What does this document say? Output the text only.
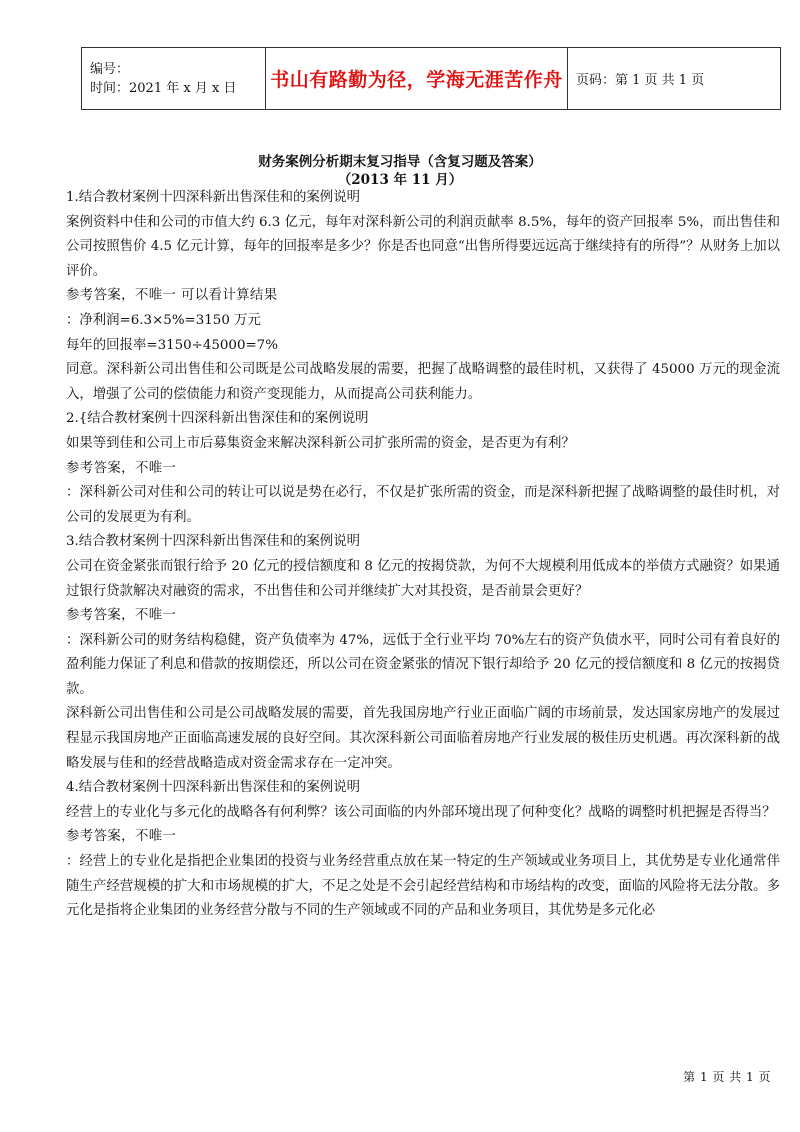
编号：
时间：2021 年 x 月 x 日	书山有路勤为径，学海无涯苦作舟	页码：第 1 页 共 1 页
财务案例分析期末复习指导（含复习题及答案）
（2013 年 11 月）

1.结合教材案例十四深科新出售深佳和的案例说明

案例资料中佳和公司的市值大约 6.3 亿元，每年对深科新公司的利润贡献率 8.5%，每年的资产回报率 5%，而出售佳和公司按照售价 4.5 亿元计算，每年的回报率是多少？你是否也同意“出售所得要远远高于继续持有的所得”？从财务上加以评价。

参考答案，不唯一 可以看计算结果

：净利润=6.3×5%=3150 万元

每年的回报率=3150÷45000=7%

同意。深科新公司出售佳和公司既是公司战略发展的需要，把握了战略调整的最佳时机，又获得了 45000 万元的现金流入，增强了公司的偿债能力和资产变现能力，从而提高公司获利能力。

2.{结合教材案例十四深科新出售深佳和的案例说明

如果等到佳和公司上市后募集资金来解决深科新公司扩张所需的资金，是否更为有利？

参考答案，不唯一

：深科新公司对佳和公司的转让可以说是势在必行，不仅是扩张所需的资金，而是深科新把握了战略调整的最佳时机，对公司的发展更为有利。

3.结合教材案例十四深科新出售深佳和的案例说明

公司在资金紧张而银行给予 20 亿元的授信额度和 8 亿元的按揭贷款，为何不大规模利用低成本的举债方式融资？如果通过银行贷款解决对融资的需求，不出售佳和公司并继续扩大对其投资，是否前景会更好？

参考答案，不唯一

：深科新公司的财务结构稳健，资产负债率为 47%，远低于全行业平均 70%左右的资产负债水平，同时公司有着良好的盈利能力保证了利息和借款的按期偿还，所以公司在资金紧张的情况下银行却给予 20 亿元的授信额度和 8 亿元的按揭贷款。

深科新公司出售佳和公司是公司战略发展的需要，首先我国房地产行业正面临广阔的市场前景，发达国家房地产的发展过程显示我国房地产正面临高速发展的良好空间。其次深科新公司面临着房地产行业发展的极佳历史机遇。再次深科新的战略发展与佳和的经营战略造成对资金需求存在一定冲突。

4.结合教材案例十四深科新出售深佳和的案例说明

经营上的专业化与多元化的战略各有何利弊？该公司面临的内外部环境出现了何种变化？战略的调整时机把握是否得当？

参考答案，不唯一

：经营上的专业化是指把企业集团的投资与业务经营重点放在某一特定的生产领域或业务项目上，其优势是专业化通常伴随生产经营规模的扩大和市场规模的扩大，不足之处是不会引起经营结构和市场结构的改变，面临的风险将无法分散。多元化是指将企业集团的业务经营分散与不同的生产领域或不同的产品和业务项目，其优势是多元化必

第 1 页 共 1 页
